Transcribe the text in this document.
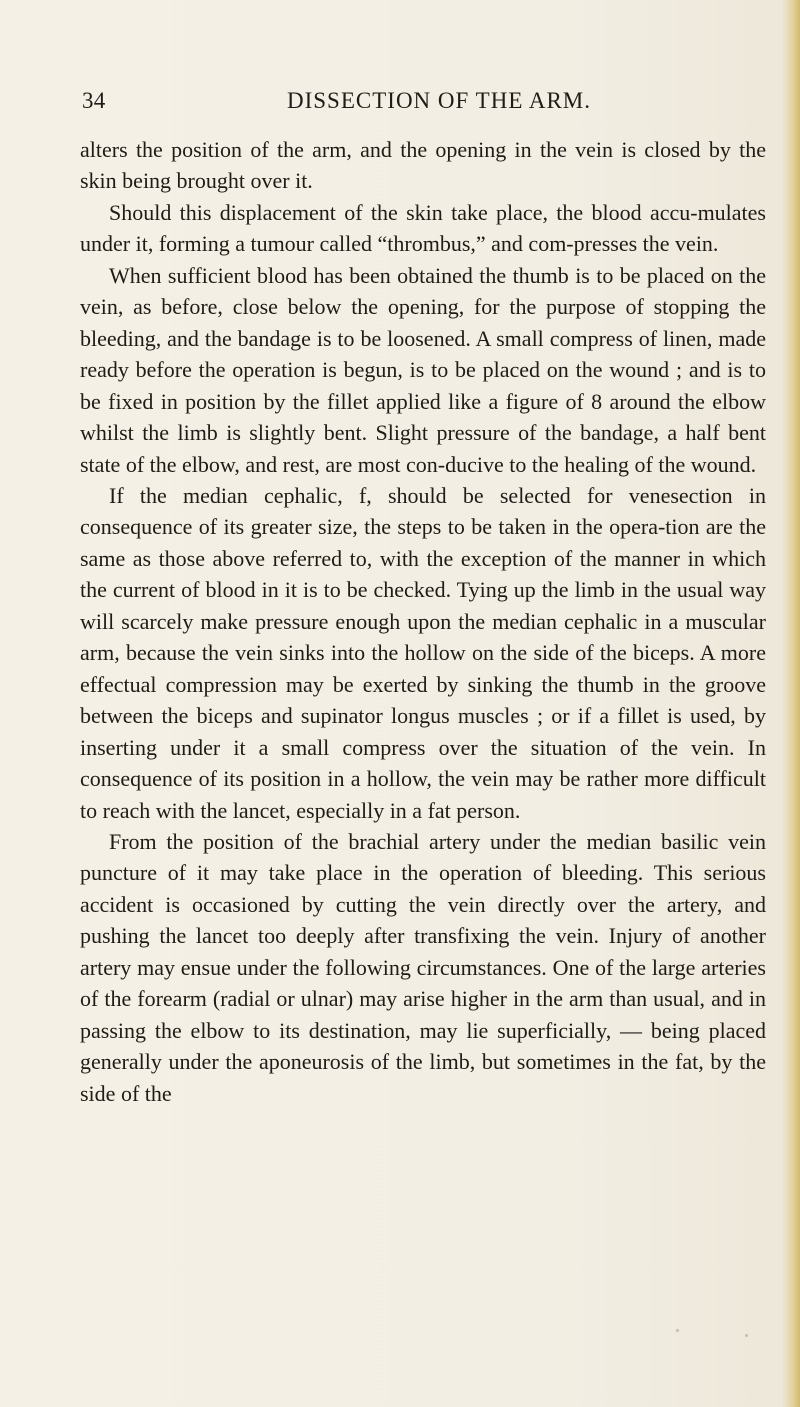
34	DISSECTION OF THE ARM.

alters the position of the arm, and the opening in the vein is closed by the skin being brought over it.

Should this displacement of the skin take place, the blood accu-mulates under it, forming a tumour called “thrombus,” and com-presses the vein.

When sufficient blood has been obtained the thumb is to be placed on the vein, as before, close below the opening, for the purpose of stopping the bleeding, and the bandage is to be loosened. A small compress of linen, made ready before the operation is begun, is to be placed on the wound ; and is to be fixed in position by the fillet applied like a figure of 8 around the elbow whilst the limb is slightly bent. Slight pressure of the bandage, a half bent state of the elbow, and rest, are most con-ducive to the healing of the wound.

If the median cephalic, f, should be selected for venesection in consequence of its greater size, the steps to be taken in the opera-tion are the same as those above referred to, with the exception of the manner in which the current of blood in it is to be checked. Tying up the limb in the usual way will scarcely make pressure enough upon the median cephalic in a muscular arm, because the vein sinks into the hollow on the side of the biceps. A more effectual compression may be exerted by sinking the thumb in the groove between the biceps and supinator longus muscles ; or if a fillet is used, by inserting under it a small compress over the situation of the vein. In consequence of its position in a hollow, the vein may be rather more difficult to reach with the lancet, especially in a fat person.

From the position of the brachial artery under the median basilic vein puncture of it may take place in the operation of bleeding. This serious accident is occasioned by cutting the vein directly over the artery, and pushing the lancet too deeply after transfixing the vein. Injury of another artery may ensue under the following circumstances. One of the large arteries of the forearm (radial or ulnar) may arise higher in the arm than usual, and in passing the elbow to its destination, may lie superficially, — being placed generally under the aponeurosis of the limb, but sometimes in the fat, by the side of the
